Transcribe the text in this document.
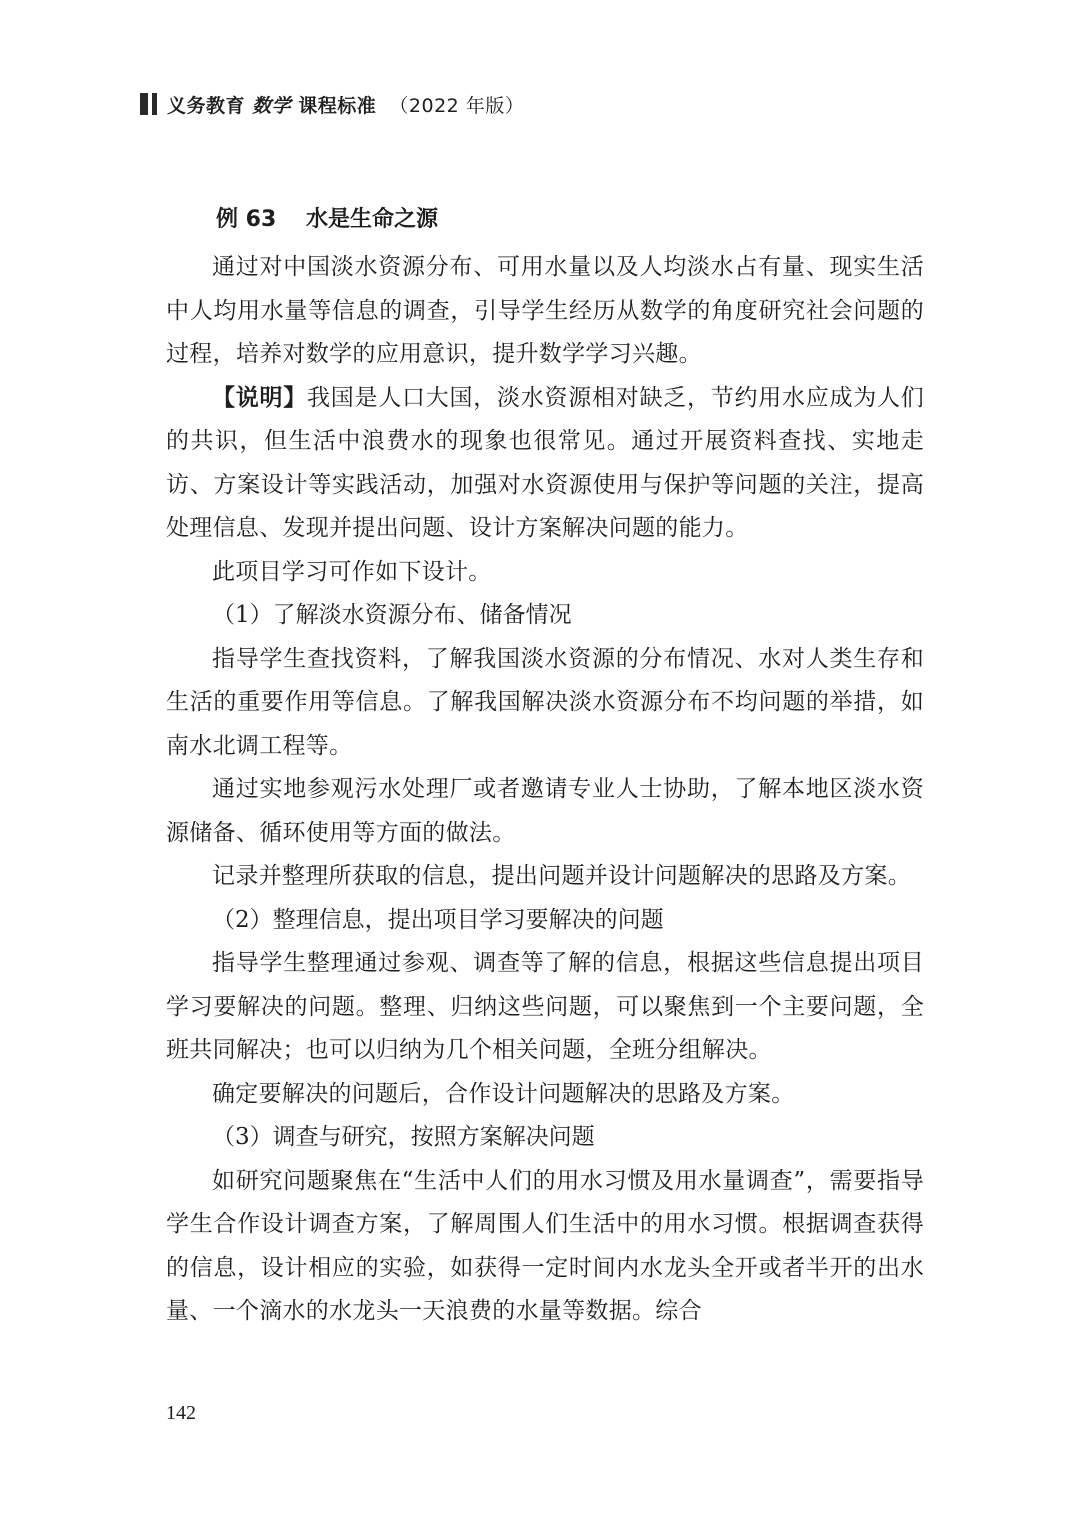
义务教育 数学 课程标准 （2022 年版）
例 63 水是生命之源

通过对中国淡水资源分布、可用水量以及人均淡水占有量、现实生活中人均用水量等信息的调查，引导学生经历从数学的角度研究社会问题的过程，培养对数学的应用意识，提升数学学习兴趣。

【说明】我国是人口大国，淡水资源相对缺乏，节约用水应成为人们的共识，但生活中浪费水的现象也很常见。通过开展资料查找、实地走访、方案设计等实践活动，加强对水资源使用与保护等问题的关注，提高处理信息、发现并提出问题、设计方案解决问题的能力。

此项目学习可作如下设计。

（1）了解淡水资源分布、储备情况

指导学生查找资料，了解我国淡水资源的分布情况、水对人类生存和生活的重要作用等信息。了解我国解决淡水资源分布不均问题的举措，如南水北调工程等。

通过实地参观污水处理厂或者邀请专业人士协助，了解本地区淡水资源储备、循环使用等方面的做法。

记录并整理所获取的信息，提出问题并设计问题解决的思路及方案。

（2）整理信息，提出项目学习要解决的问题

指导学生整理通过参观、调查等了解的信息，根据这些信息提出项目学习要解决的问题。整理、归纳这些问题，可以聚焦到一个主要问题，全班共同解决；也可以归纳为几个相关问题，全班分组解决。

确定要解决的问题后，合作设计问题解决的思路及方案。

（3）调查与研究，按照方案解决问题

如研究问题聚焦在“生活中人们的用水习惯及用水量调查”，需要指导学生合作设计调查方案，了解周围人们生活中的用水习惯。根据调查获得的信息，设计相应的实验，如获得一定时间内水龙头全开或者半开的出水量、一个滴水的水龙头一天浪费的水量等数据。综合

142
